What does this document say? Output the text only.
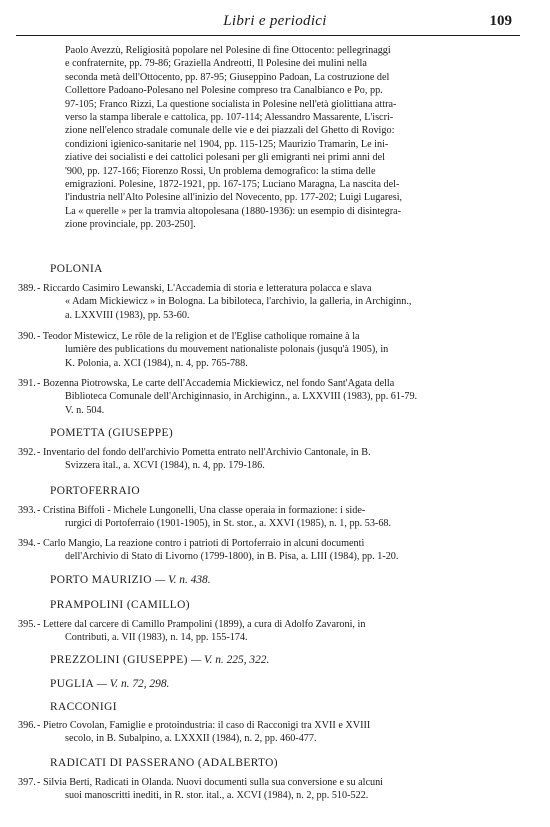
Libri e periodici	109
Paolo Avezzù, Religiosità popolare nel Polesine di fine Ottocento: pellegrinaggi
e confraternite, pp. 79-86; Graziella Andreotti, Il Polesine dei mulini nella
seconda metà dell'Ottocento, pp. 87-95; Giuseppino Padoan, La costruzione del
Collettore Padoano-Polesano nel Polesine compreso tra Canalbianco e Po, pp.
97-105; Franco Rizzi, La questione socialista in Polesine nell'età giolittiana attra-
verso la stampa liberale e cattolica, pp. 107-114; Alessandro Massarente, L'iscri-
zione nell'elenco stradale comunale delle vie e dei piazzali del Ghetto di Rovigo:
condizioni igienico-sanitarie nel 1904, pp. 115-125; Maurizio Tramarin, Le ini-
ziative dei socialisti e dei cattolici polesani per gli emigranti nei primi anni del
'900, pp. 127-166; Fiorenzo Rossi, Un problema demografico: la stima delle
emigrazioni. Polesine, 1872-1921, pp. 167-175; Luciano Maragna, La nascita del-
l'industria nell'Alto Polesine all'inizio del Novecento, pp. 177-202; Luigi Lugaresi,
La « querelle » per la tramvia altopolesana (1880-1936): un esempio di disintegra-
zione provinciale, pp. 203-250].
POLONIA
389. - Riccardo Casimiro Lewanski, L'Accademia di storia e letteratura polacca e slava
« Adam Mickiewicz » in Bologna. La bibiloteca, l'archivio, la galleria, in Archiginn.,
a. LXXVIII (1983), pp. 53-60.
390. - Teodor Mistewicz, Le rôle de la religion et de l'Eglise catholique romaine à la
lumière des publications du mouvement nationaliste polonais (jusqu'à 1905), in
K. Polonia, a. XCI (1984), n. 4, pp. 765-788.
391. - Bozenna Piotrowska, Le carte dell'Accademia Mickiewicz, nel fondo Sant'Agata della
Biblioteca Comunale dell'Archiginnasio, in Archiginn., a. LXXVIII (1983), pp. 61-79.
V. n. 504.
POMETTA (GIUSEPPE)
392. - Inventario del fondo dell'archivio Pometta entrato nell'Archivio Cantonale, in B.
Svizzera ital., a. XCVI (1984), n. 4, pp. 179-186.
PORTOFERRAIO
393. - Cristina Biffoli - Michele Lungonelli, Una classe operaia in formazione: i side-
rurgici di Portoferraio (1901-1905), in St. stor., a. XXVI (1985), n. 1, pp. 53-68.
394. - Carlo Mangio, La reazione contro i patrioti di Portoferraio in alcuni documenti
dell'Archivio di Stato di Livorno (1799-1800), in B. Pisa, a. LIII (1984), pp. 1-20.
PORTO MAURIZIO — V. n. 438.
PRAMPOLINI (CAMILLO)
395. - Lettere dal carcere di Camillo Prampolini (1899), a cura di Adolfo Zavaroni, in
Contributi, a. VII (1983), n. 14, pp. 155-174.
PREZZOLINI (GIUSEPPE) — V. n. 225, 322.
PUGLIA — V. n. 72, 298.
RACCONIGI
396. - Pietro Covolan, Famiglie e protoindustria: il caso di Racconigi tra XVII e XVIII
secolo, in B. Subalpino, a. LXXXII (1984), n. 2, pp. 460-477.
RADICATI DI PASSERANO (ADALBERTO)
397. - Silvia Berti, Radicati in Olanda. Nuovi documenti sulla sua conversione e su alcuni
suoi manoscritti inediti, in R. stor. ital., a. XCVI (1984), n. 2, pp. 510-522.
